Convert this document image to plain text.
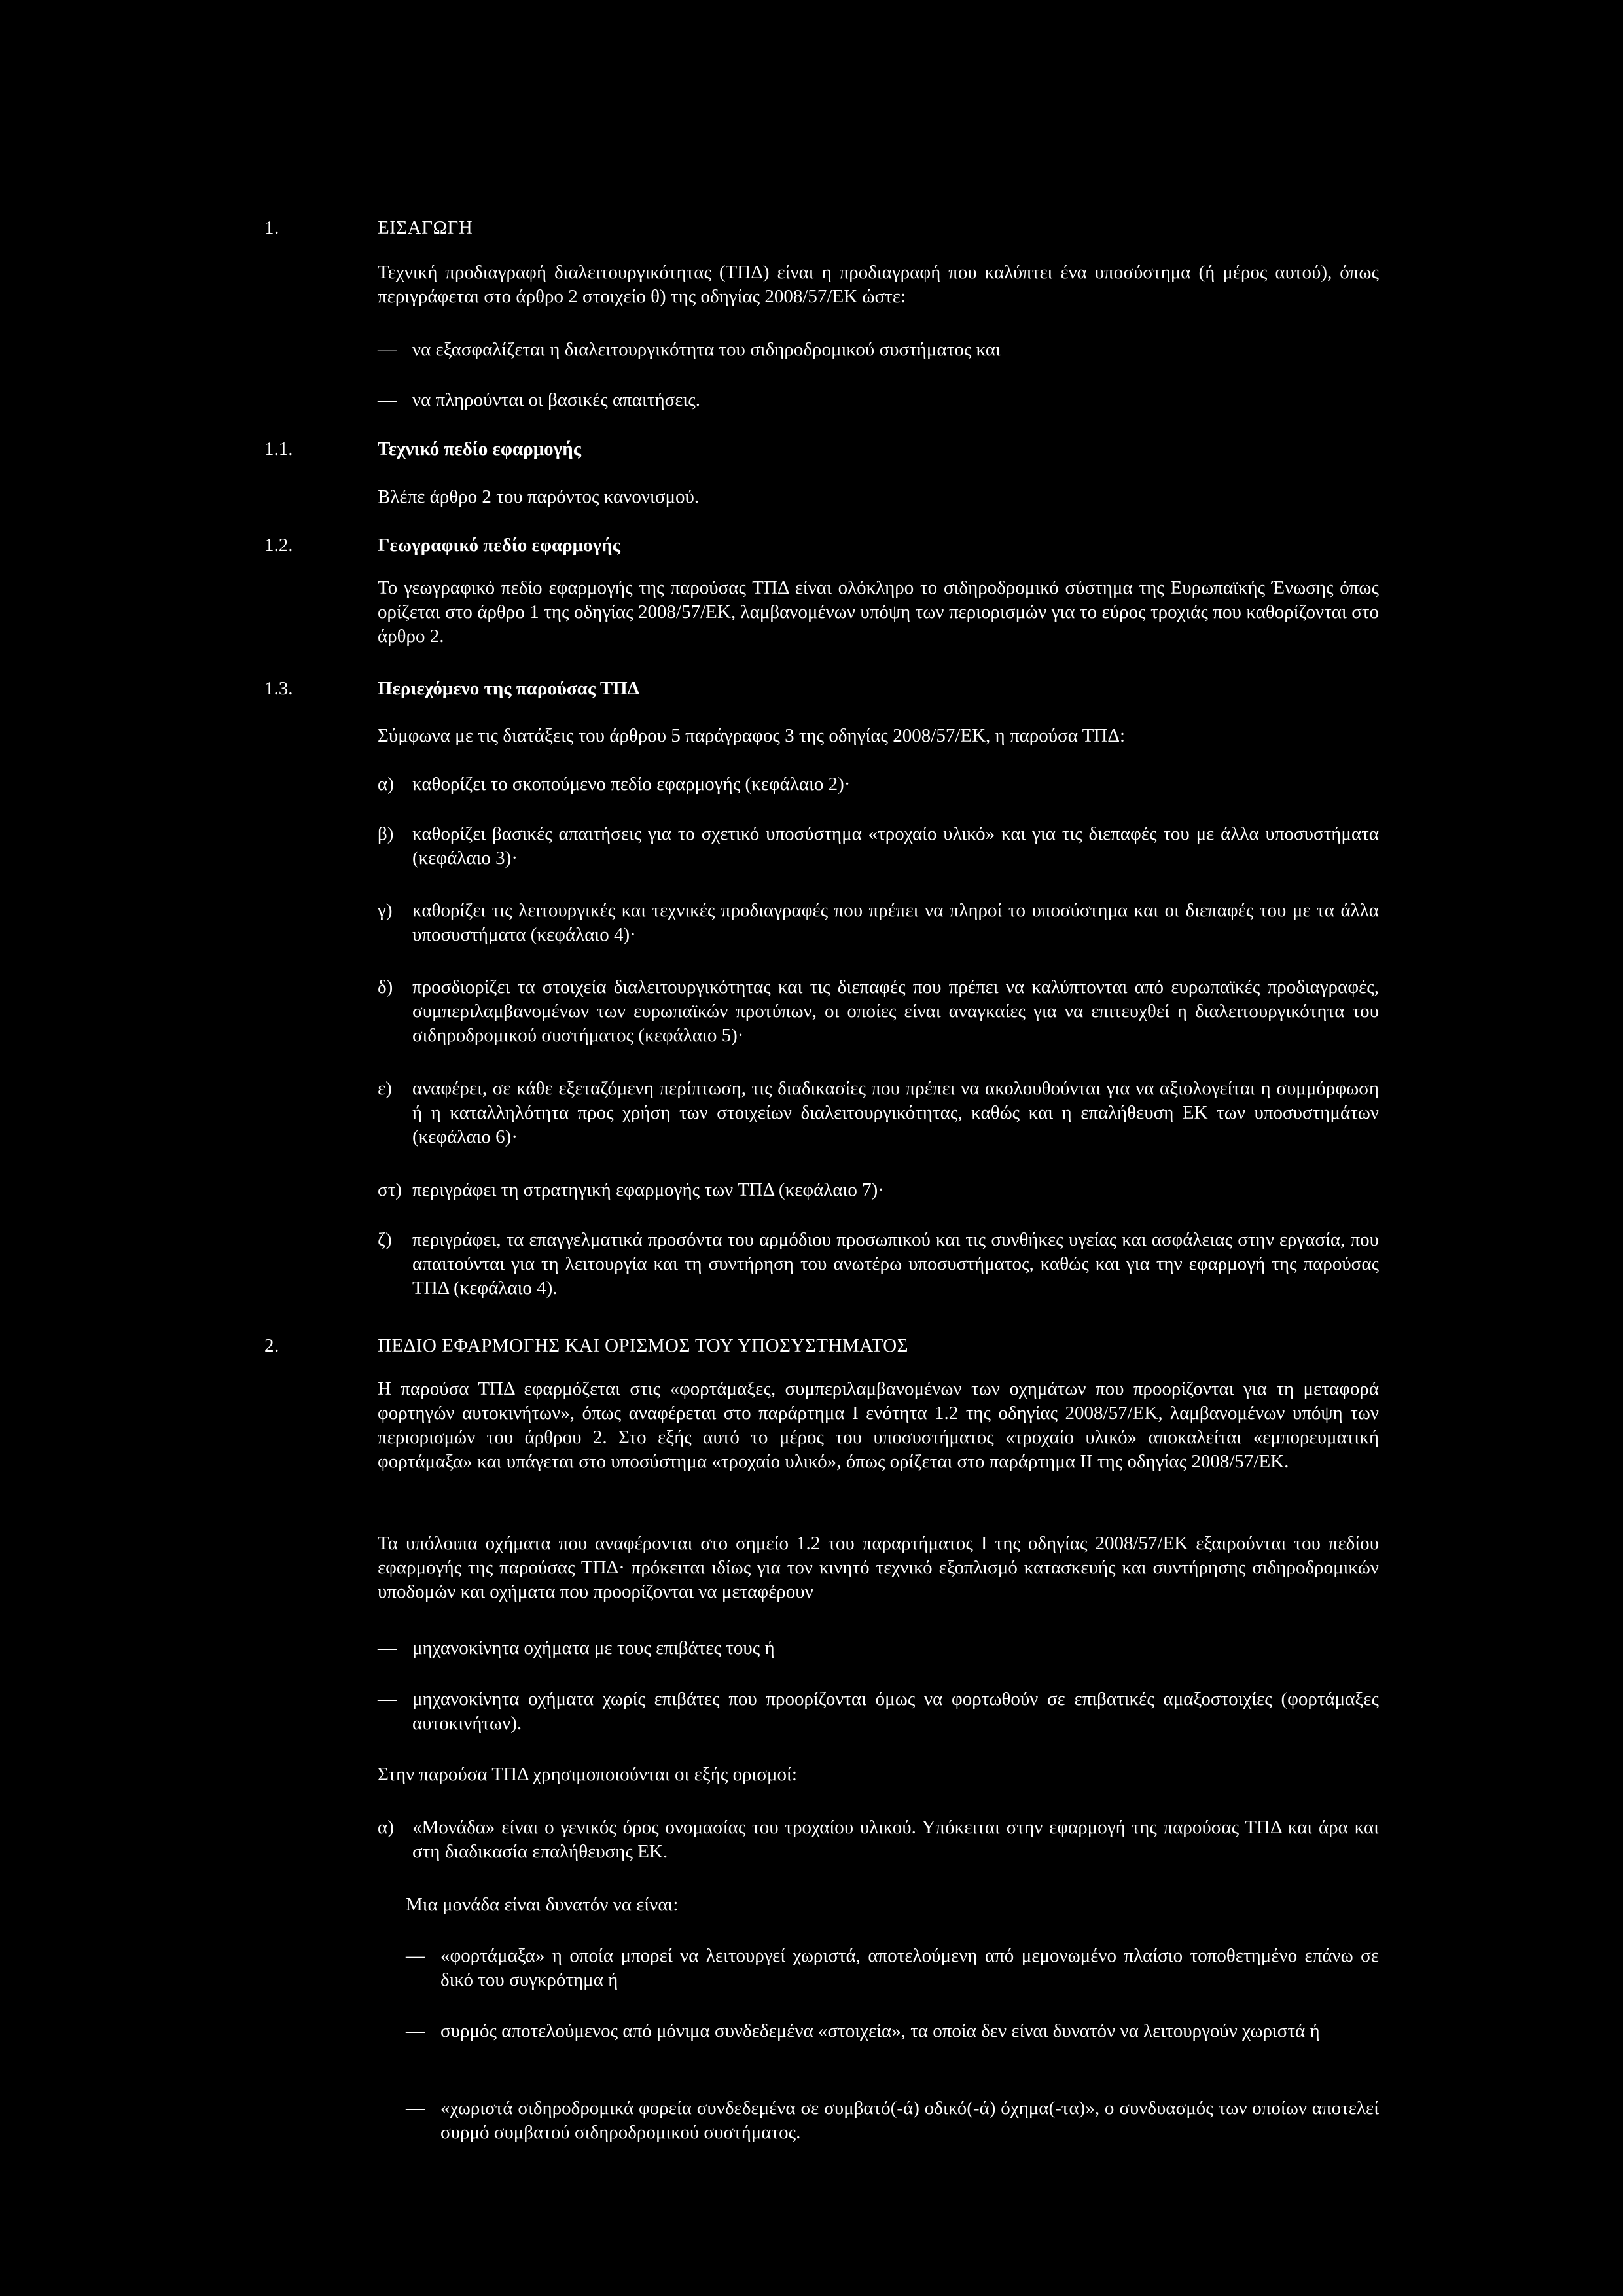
1.	ΕΙΣΑΓΩΓΗ
Τεχνική προδιαγραφή διαλειτουργικότητας (ΤΠΔ) είναι η προδιαγραφή που καλύπτει ένα υποσύστημα (ή μέρος αυτού), όπως περιγράφεται στο άρθρο 2 στοιχείο θ) της οδηγίας 2008/57/ΕΚ ώστε:
— να εξασφαλίζεται η διαλειτουργικότητα του σιδηροδρομικού συστήματος και
— να πληρούνται οι βασικές απαιτήσεις.
1.1.	Τεχνικό πεδίο εφαρμογής
Βλέπε άρθρο 2 του παρόντος κανονισμού.
1.2.	Γεωγραφικό πεδίο εφαρμογής
Το γεωγραφικό πεδίο εφαρμογής της παρούσας ΤΠΔ είναι ολόκληρο το σιδηροδρομικό σύστημα της Ευρωπαϊκής Ένωσης όπως ορίζεται στο άρθρο 1 της οδηγίας 2008/57/ΕΚ, λαμβανομένων υπόψη των περιορισμών για το εύρος τροχιάς που καθορίζονται στο άρθρο 2.
1.3.	Περιεχόμενο της παρούσας ΤΠΔ
Σύμφωνα με τις διατάξεις του άρθρου 5 παράγραφος 3 της οδηγίας 2008/57/ΕΚ, η παρούσα ΤΠΔ:
α) καθορίζει το σκοπούμενο πεδίο εφαρμογής (κεφάλαιο 2)·
β) καθορίζει βασικές απαιτήσεις για το σχετικό υποσύστημα «τροχαίο υλικό» και για τις διεπαφές του με άλλα υποσυστήματα (κεφάλαιο 3)·
γ) καθορίζει τις λειτουργικές και τεχνικές προδιαγραφές που πρέπει να πληροί το υποσύστημα και οι διεπαφές του με τα άλλα υποσυστήματα (κεφάλαιο 4)·
δ) προσδιορίζει τα στοιχεία διαλειτουργικότητας και τις διεπαφές που πρέπει να καλύπτονται από ευρωπαϊκές προδιαγραφές, συμπεριλαμβανομένων των ευρωπαϊκών προτύπων, οι οποίες είναι αναγκαίες για να επιτευχθεί η διαλειτουργικότητα του σιδηροδρομικού συστήματος (κεφάλαιο 5)·
ε) αναφέρει, σε κάθε εξεταζόμενη περίπτωση, τις διαδικασίες που πρέπει να ακολουθούνται για να αξιολογείται η συμμόρφωση ή η καταλληλότητα προς χρήση των στοιχείων διαλειτουργικότητας, καθώς και η επαλήθευση ΕΚ των υποσυστημάτων (κεφάλαιο 6)·
στ) περιγράφει τη στρατηγική εφαρμογής των ΤΠΔ (κεφάλαιο 7)·
ζ) περιγράφει, τα επαγγελματικά προσόντα του αρμόδιου προσωπικού και τις συνθήκες υγείας και ασφάλειας στην εργασία, που απαιτούνται για τη λειτουργία και τη συντήρηση του ανωτέρω υποσυστήματος, καθώς και για την εφαρμογή της παρούσας ΤΠΔ (κεφάλαιο 4).
2.	ΠΕΔΙΟ ΕΦΑΡΜΟΓΗΣ ΚΑΙ ΟΡΙΣΜΟΣ ΤΟΥ ΥΠΟΣΥΣΤΗΜΑΤΟΣ
Η παρούσα ΤΠΔ εφαρμόζεται στις «φορτάμαξες, συμπεριλαμβανομένων των οχημάτων που προορίζονται για τη μεταφορά φορτηγών αυτοκινήτων», όπως αναφέρεται στο παράρτημα I ενότητα 1.2 της οδηγίας 2008/57/ΕΚ, λαμβανομένων υπόψη των περιορισμών του άρθρου 2. Στο εξής αυτό το μέρος του υποσυστήματος «τροχαίο υλικό» αποκαλείται «εμπορευματική φορτάμαξα» και υπάγεται στο υποσύστημα «τροχαίο υλικό», όπως ορίζεται στο παράρτημα II της οδηγίας 2008/57/ΕΚ.
Τα υπόλοιπα οχήματα που αναφέρονται στο σημείο 1.2 του παραρτήματος I της οδηγίας 2008/57/ΕΚ εξαιρούνται του πεδίου εφαρμογής της παρούσας ΤΠΔ· πρόκειται ιδίως για τον κινητό τεχνικό εξοπλισμό κατασκευής και συντήρησης σιδηροδρομικών υποδομών και οχήματα που προορίζονται να μεταφέρουν
— μηχανοκίνητα οχήματα με τους επιβάτες τους ή
— μηχανοκίνητα οχήματα χωρίς επιβάτες που προορίζονται όμως να φορτωθούν σε επιβατικές αμαξοστοιχίες (φορτάμαξες αυτοκινήτων).
Στην παρούσα ΤΠΔ χρησιμοποιούνται οι εξής ορισμοί:
α) «Μονάδα» είναι ο γενικός όρος ονομασίας του τροχαίου υλικού. Υπόκειται στην εφαρμογή της παρούσας ΤΠΔ και άρα και στη διαδικασία επαλήθευσης ΕΚ.
Μια μονάδα είναι δυνατόν να είναι:
— «φορτάμαξα» η οποία μπορεί να λειτουργεί χωριστά, αποτελούμενη από μεμονωμένο πλαίσιο τοποθετημένο επάνω σε δικό του συγκρότημα ή
— συρμός αποτελούμενος από μόνιμα συνδεδεμένα «στοιχεία», τα οποία δεν είναι δυνατόν να λειτουργούν χωριστά ή
— «χωριστά σιδηροδρομικά φορεία συνδεδεμένα σε συμβατό(-ά) οδικό(-ά) όχημα(-τα)», ο συνδυασμός των οποίων αποτελεί συρμό συμβατού σιδηροδρομικού συστήματος.
